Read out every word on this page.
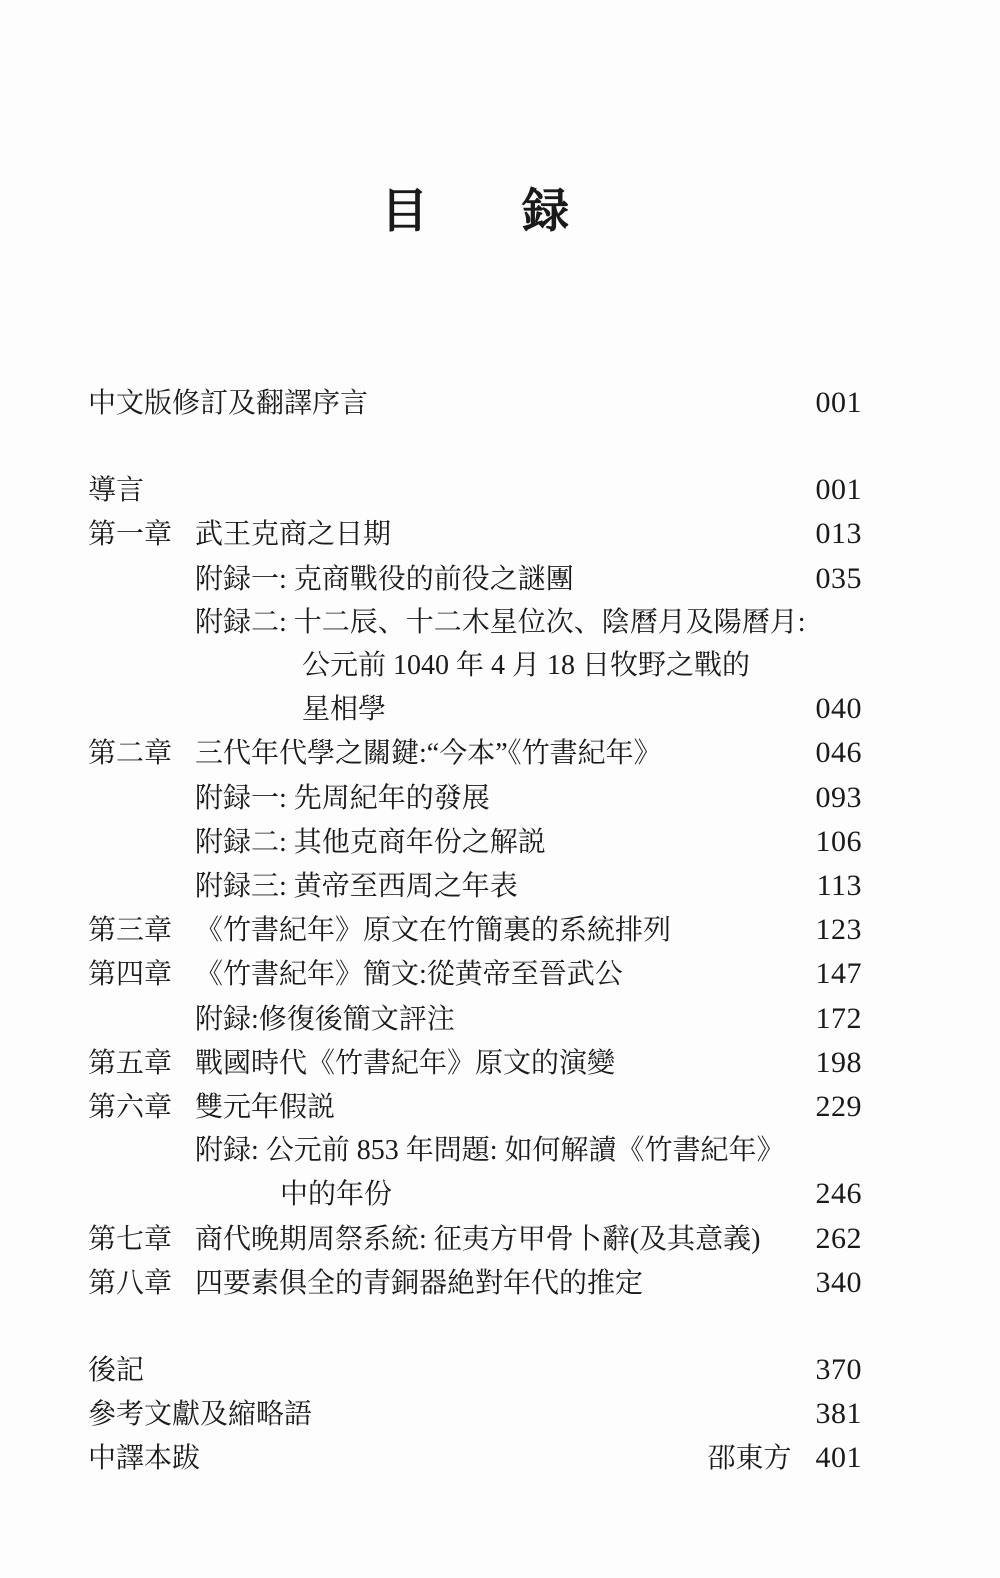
目　　録
中文版修訂及翻譯序言	001
導言	001
第一章 武王克商之日期	013
附録一: 克商戰役的前役之謎團	035
附録二: 十二辰、十二木星位次、陰曆月及陽曆月:
公元前 1040 年 4 月 18 日牧野之戰的
星相學	040
第二章 三代年代學之關鍵:“今本”《竹書紀年》	046
附録一: 先周紀年的發展	093
附録二: 其他克商年份之解説	106
附録三: 黄帝至西周之年表	113
第三章 《竹書紀年》原文在竹簡裏的系統排列	123
第四章 《竹書紀年》簡文:從黄帝至晉武公	147
附録:修復後簡文評注	172
第五章 戰國時代《竹書紀年》原文的演變	198
第六章 雙元年假説	229
附録: 公元前 853 年問題: 如何解讀《竹書紀年》
中的年份	246
第七章 商代晚期周祭系統: 征夷方甲骨卜辭(及其意義) 262
第八章 四要素俱全的青銅器絶對年代的推定	340
後記	370
參考文獻及縮略語	381
中譯本跋	邵東方 401
